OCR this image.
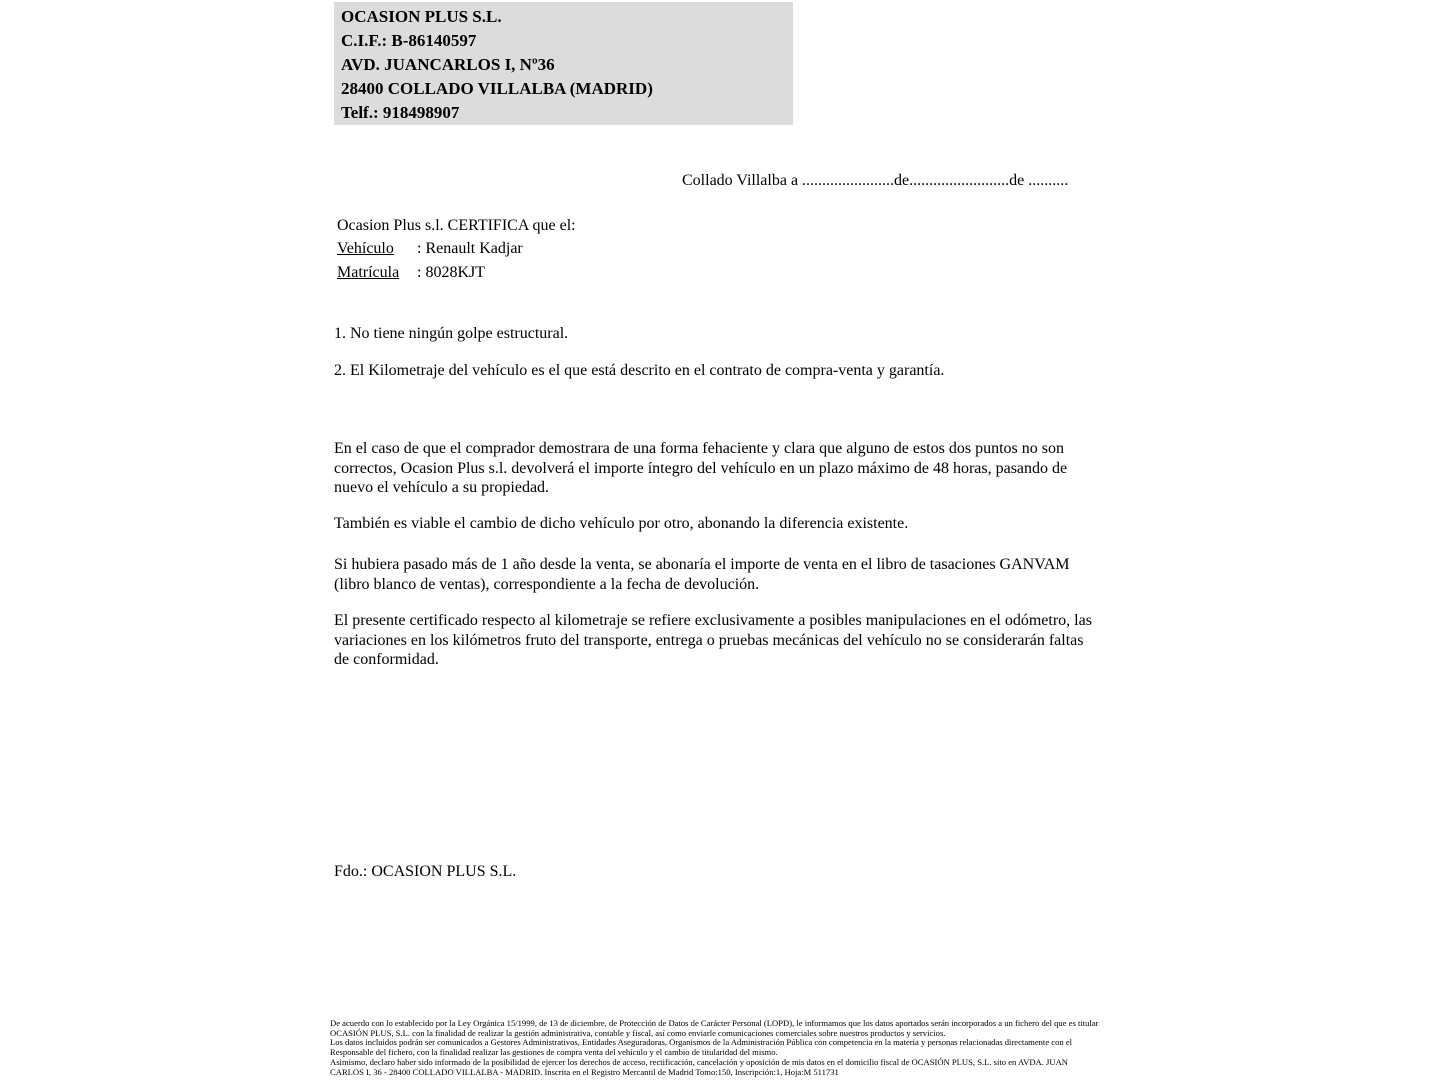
OCASION PLUS S.L.
C.I.F.: B-86140597
AVD. JUANCARLOS I, Nº36
28400 COLLADO VILLALBA (MADRID)
Telf.: 918498907
Collado Villalba a .......................de.........................de ..........
Ocasion Plus s.l. CERTIFICA que el:
Vehículo : Renault Kadjar
Matrícula : 8028KJT
1. No tiene ningún golpe estructural.
2. El Kilometraje del vehículo es el que está descrito en el contrato de compra-venta y garantía.
En el caso de que el comprador demostrara de una forma fehaciente y clara que alguno de estos dos puntos no son correctos, Ocasion Plus s.l. devolverá el importe íntegro del vehículo en un plazo máximo de 48 horas, pasando de nuevo el vehículo a su propiedad.
También es viable el cambio de dicho vehículo por otro, abonando la diferencia existente.
Si hubiera pasado más de 1 año desde la venta, se abonaría el importe de venta en el libro de tasaciones GANVAM (libro blanco de ventas), correspondiente a la fecha de devolución.
El presente certificado respecto al kilometraje se refiere exclusivamente a posibles manipulaciones en el odómetro, las variaciones en los kilómetros fruto del transporte, entrega o pruebas mecánicas del vehículo no se considerarán faltas de conformidad.
Fdo.: OCASION PLUS S.L.
De acuerdo con lo establecido por la Ley Orgánica 15/1999, de 13 de diciembre, de Protección de Datos de Carácter Personal (LOPD), le informamos que los datos aportados serán incorporados a un fichero del que es titular
OCASIÓN PLUS, S.L. con la finalidad de realizar la gestión administrativa, contable y fiscal, así como enviarle comunicaciones comerciales sobre nuestros productos y servicios.
Los datos incluidos podrán ser comunicados a Gestores Administrativos, Entidades Aseguradoras, Organismos de la Administración Pública con competencia en la materia y personas relacionadas directamente con el
Responsable del fichero, con la finalidad realizar las gestiones de compra venta del vehículo y el cambio de titularidad del mismo.
Asimismo, declaro haber sido informado de la posibilidad de ejercer los derechos de acceso, rectificación, cancelación y oposición de mis datos en el domicilio fiscal de OCASIÓN PLUS, S.L. sito en AVDA. JUAN
CARLOS I, 36 - 28400 COLLADO VILLALBA - MADRID. Inscrita en el Registro Mercantil de Madrid Tomo:150, Inscripción:1, Hoja:M 511731
